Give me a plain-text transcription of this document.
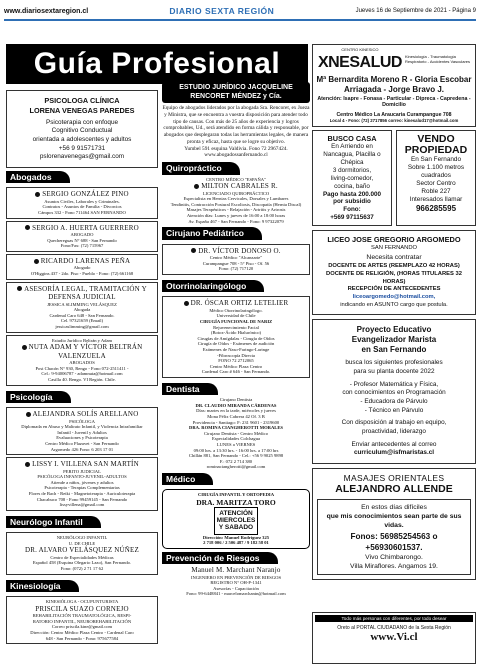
www.diariosextaregion.cl	DIARIO SEXTA REGIÓN	Jueves 16 de Septiembre de 2021 - Página 9
Guía Profesional
PSICOLOGA CLÍNICA
LORENA VENEGAS PAREDES
Psicoterapia con enfoque
Cognitivo Conductual
orientada a adolescentes y adultos
+56 9 91571731
pslorenavenegas@gmail.com
Abogados
SERGIO GONZÁLEZ PINO
Asuntos Civiles, Laborales y Criminales.
Contratos - Asuntos de Familia - Divorcios
Cámpos 332 - Fono 711464 SAN FERNANDO
SERGIO A. HUERTA GUERRERO
ABOGADO
Quechereguas N° 688 - San Fernando
Fono/Fax: (72) 715967
RICARDO LARENAS PEÑA
Abogado
O'Higgins 437 - 2do. Piso - Pueblo - Fono: (72) 661168
ASESORÍA LEGAL, TRAMITACIÓN Y DEFENSA JUDICIAL
JESSICA SLIMMING VELÁSQUEZ
Abogada
Cardenal Caro 648 - San Fernando.
Cel. 97321659 (Email)
jessicaslimming@gmail.com
Estudio Jurídico Beltrán y Adam
NUTA ADAM Y VÍCTOR BELTRÁN VALENZUELA
ABOGADOS
Post Chacón N° 930, Rengo - Fono 072-2511411 -
Cel.: 9-94006787 - adamnuta@hotmail.com
Casilla 40. Rengo. VI Región. Chile.
Psicología
ALEJANDRA SOLÍS ARELLANO
PSICÓLOGA
Diplomada en Abuso y Maltrato Infantil, y Violencia Intrafamiliar
Infantil - Juvenil y Adultos
Evaluaciones y Psicoterapia
Centro Médico Plazavet - San Fernando
Argomedo 426 Fono: 6 203 17 01
LISSY I. VILLENA SAN MARTÍN
PERITO JUDICIAL
PSICÓLOGA INFANTO-JUVENIL-ADULTOS
Atiende a niños, jóvenes y adultos
Psicoterapia - Terapias Complementarias
Flores de Bach - Reiki - Magnetoterapia - Auriculoterapia
Chacabuco 708 - Fono 99459145 - San Fernando
lissyvillena@gmail.com
Neurólogo Infantil
NEURÓLOGO INFANTIL
U. DE CHILE
DR. ALVARO VELÁSQUEZ NÚÑEZ
Centro de Especialidades Médicas
Español 458 (Esquina Olegario Lazo), San Fernando.
Fono: (072) 2 71 17 62
Kinesiología
KINESIÓLOGA - OCUPUNTURISTA
PRISCILA SUAZO CORNEJO
REHABILITACIÓN TRAUMATOLÓGICA, RESPI-
RATORIO INFANTIL, NEUROREHABILITACIÓN
Correo priscila.kine@gmail.com
Dirección: Centro Médico Plaza Centro - Cardenal Caro
648 - San Fernando - Fono: 975677584
ESTUDIO JURÍDICO JACQUELINE RENCORET MÉNDEZ y Cía.
Equipo de abogados liderados por la abogada Sra. Rencoret, ex Jueza y Ministra, que se encuentra a vuestra disposición para atender todo tipo de causas. Con más de 25 años de experiencia y logros comprobables, Ud., será atendido en forma cálida y responsable, por abogados que desplegaran todas las herramientas legales, de manera pronta y eficaz, hasta que se logre su objetivo.
Yumbel 591 esquina Valdivia. Fono 72 2967424.
www.abogadossanfernando.cl
Quiropráctico
CENTRO MÉDICO "ESPAÑA"
MILTON CABRALES R.
LICENCIADO QUIROPRÁCTICO
Especialista en Hernias Cervicales, Dorsales y Lumbares
Tendinitis, Contracción Postural Escoliosis, Discopatía (Hernia Discal)
Masajes Terapéuticos - Relajación - Artritis y Artrosis
Atención días: Lunes y jueves de 16:00 a 18:00 horas
Av. España 467 - San Fernando - Fono: 9 97322079
Cirujano Pediátrico
DR. VÍCTOR DONOSO O.
Centro Médico "Alcanzarte"
Curampangue 708 - 5° Piso - Of. 56
Fono: (72) 717120
Otorrinolaringólogo
DR. ÓSCAR ORTIZ LETELIER
Médico Otorrinolaringólogo.
Universidad de Chile
CIRUGÍA FUNCIONAL DE NARIZ
Rejuvenecimiento Facial
(Botox-Ácido Hialurónico)
Cirugías de Amígdalas - Cirugía de Oídos
Cirugía de Oídos - Exámenes de audición
Exámenes de Naso-Faringo-Laringe
-Fibroscopía Directa
FONO 72 2712065
Centro Médico Plaza Centro
Cardenal Caro # 646 - San Fernando.
Dentista
Cirujano Dentista
DR. CLAUDIO MIRANDA CÁRDENAS
Días: martes en la tarde, miércoles y jueves
Mona Félix Cabrera 42 Of. 3 B
Providencia - Santiago: F: 231 9601 - 2319600
DRA. ROMINA CIANGHEROTTI MORALES
Cirujano Dentista - Centro Médico
Especialidades Colchagua
LUNES a VIERNES
09:00 hrs. a 13:30 hrs. - 16:00 hrs. a 17:00 hrs
Chillán 881, San Fernando - Cel.: +56 9 9025 9898
F.: 072 2 714 380
rominaciangherotti@gmail.com
Médico
CIRUGÍA INFANTIL Y ORTOPEDIA
DRA. MARITZA TORO
ATENCIÓN
MIERCOLES
Y SABADO
Dirección: Manuel Rodríguez 325
2 718 006 / 2 506 487 / 9 182 58 01
Prevención de Riesgos
Manuel M. Marchant Naranjo
INGENIERO EN PREVENCIÓN DE RIESGOS
REGISTRO N° OH-P-1341
Asesorías - Capacitación
Fono: 99-6448841 - marcelomarchantn@hotmail.com
CENTRO KINESICO
XNESALUD Kinesiología - Traumatología
Respiratorio - Accidentes Vasculares
Mª Bernardita Moreno R - Gloria Escobar Arriagada - Jorge Bravo J.
Atención: Isapre - Fonasa - Particular - Dipreca - Capredena - Domicilio
Centro Médico La Araucaria Curampangue 708
Local 4 - Fono: (72) 2717856 correo: kinesalud17@hotmail.com
BUSCO CASA
En Arriendo en
Nancagua, Placilla o
Chépica
3 dormitorios,
living-comedor,
cocina, baño
Pago hasta 200.000
por subsidio
Fono:
+569 97115637
VENDO
PROPIEDAD
En San Fernando
Sobre 1.100 metros
cuadrados
Sector Centro
Roble 227
Interesados llamar
966285595
LICEO JOSE GREGORIO ARGOMEDO
SAN FERNANDO
Necesita contratar
DOCENTE DE ARTES (REEMPLAZO 42 HORAS)
DOCENTE DE RELIGIÓN, (HORAS TITULARES 32 HORAS)
RECEPCIÓN DE ANTECEDENTES
liceoargomedo@hotmail.com,
indicando en ASUNTO cargo que postula.
Proyecto Educativo
Evangelizador Marista
en San Fernando
busca los siguientes profesionales
para su planta docente 2022
- Profesor Matemática y Física,
con conocimientos en Programación
- Educadora de Párvulo
- Técnico en Párvulo
Con disposición al trabajo en equipo,
proactividad, liderazgo
Enviar antecedentes al correo
curriculum@isfmaristas.cl
MASAJES ORIENTALES
ALEJANDRO ALLENDE
En estos días difíciles
que mis conocimientos sean parte de sus vidas.
Fonos: 56985254563 o +56930601537.
Vivo Chimbarongo.
Villa Miraflores. Angamos 19.
Todo más personas con diferentes, por todo desear
Oreto al PORTAL CIUDADANO de la Sexta Región
www.Vi.cl
